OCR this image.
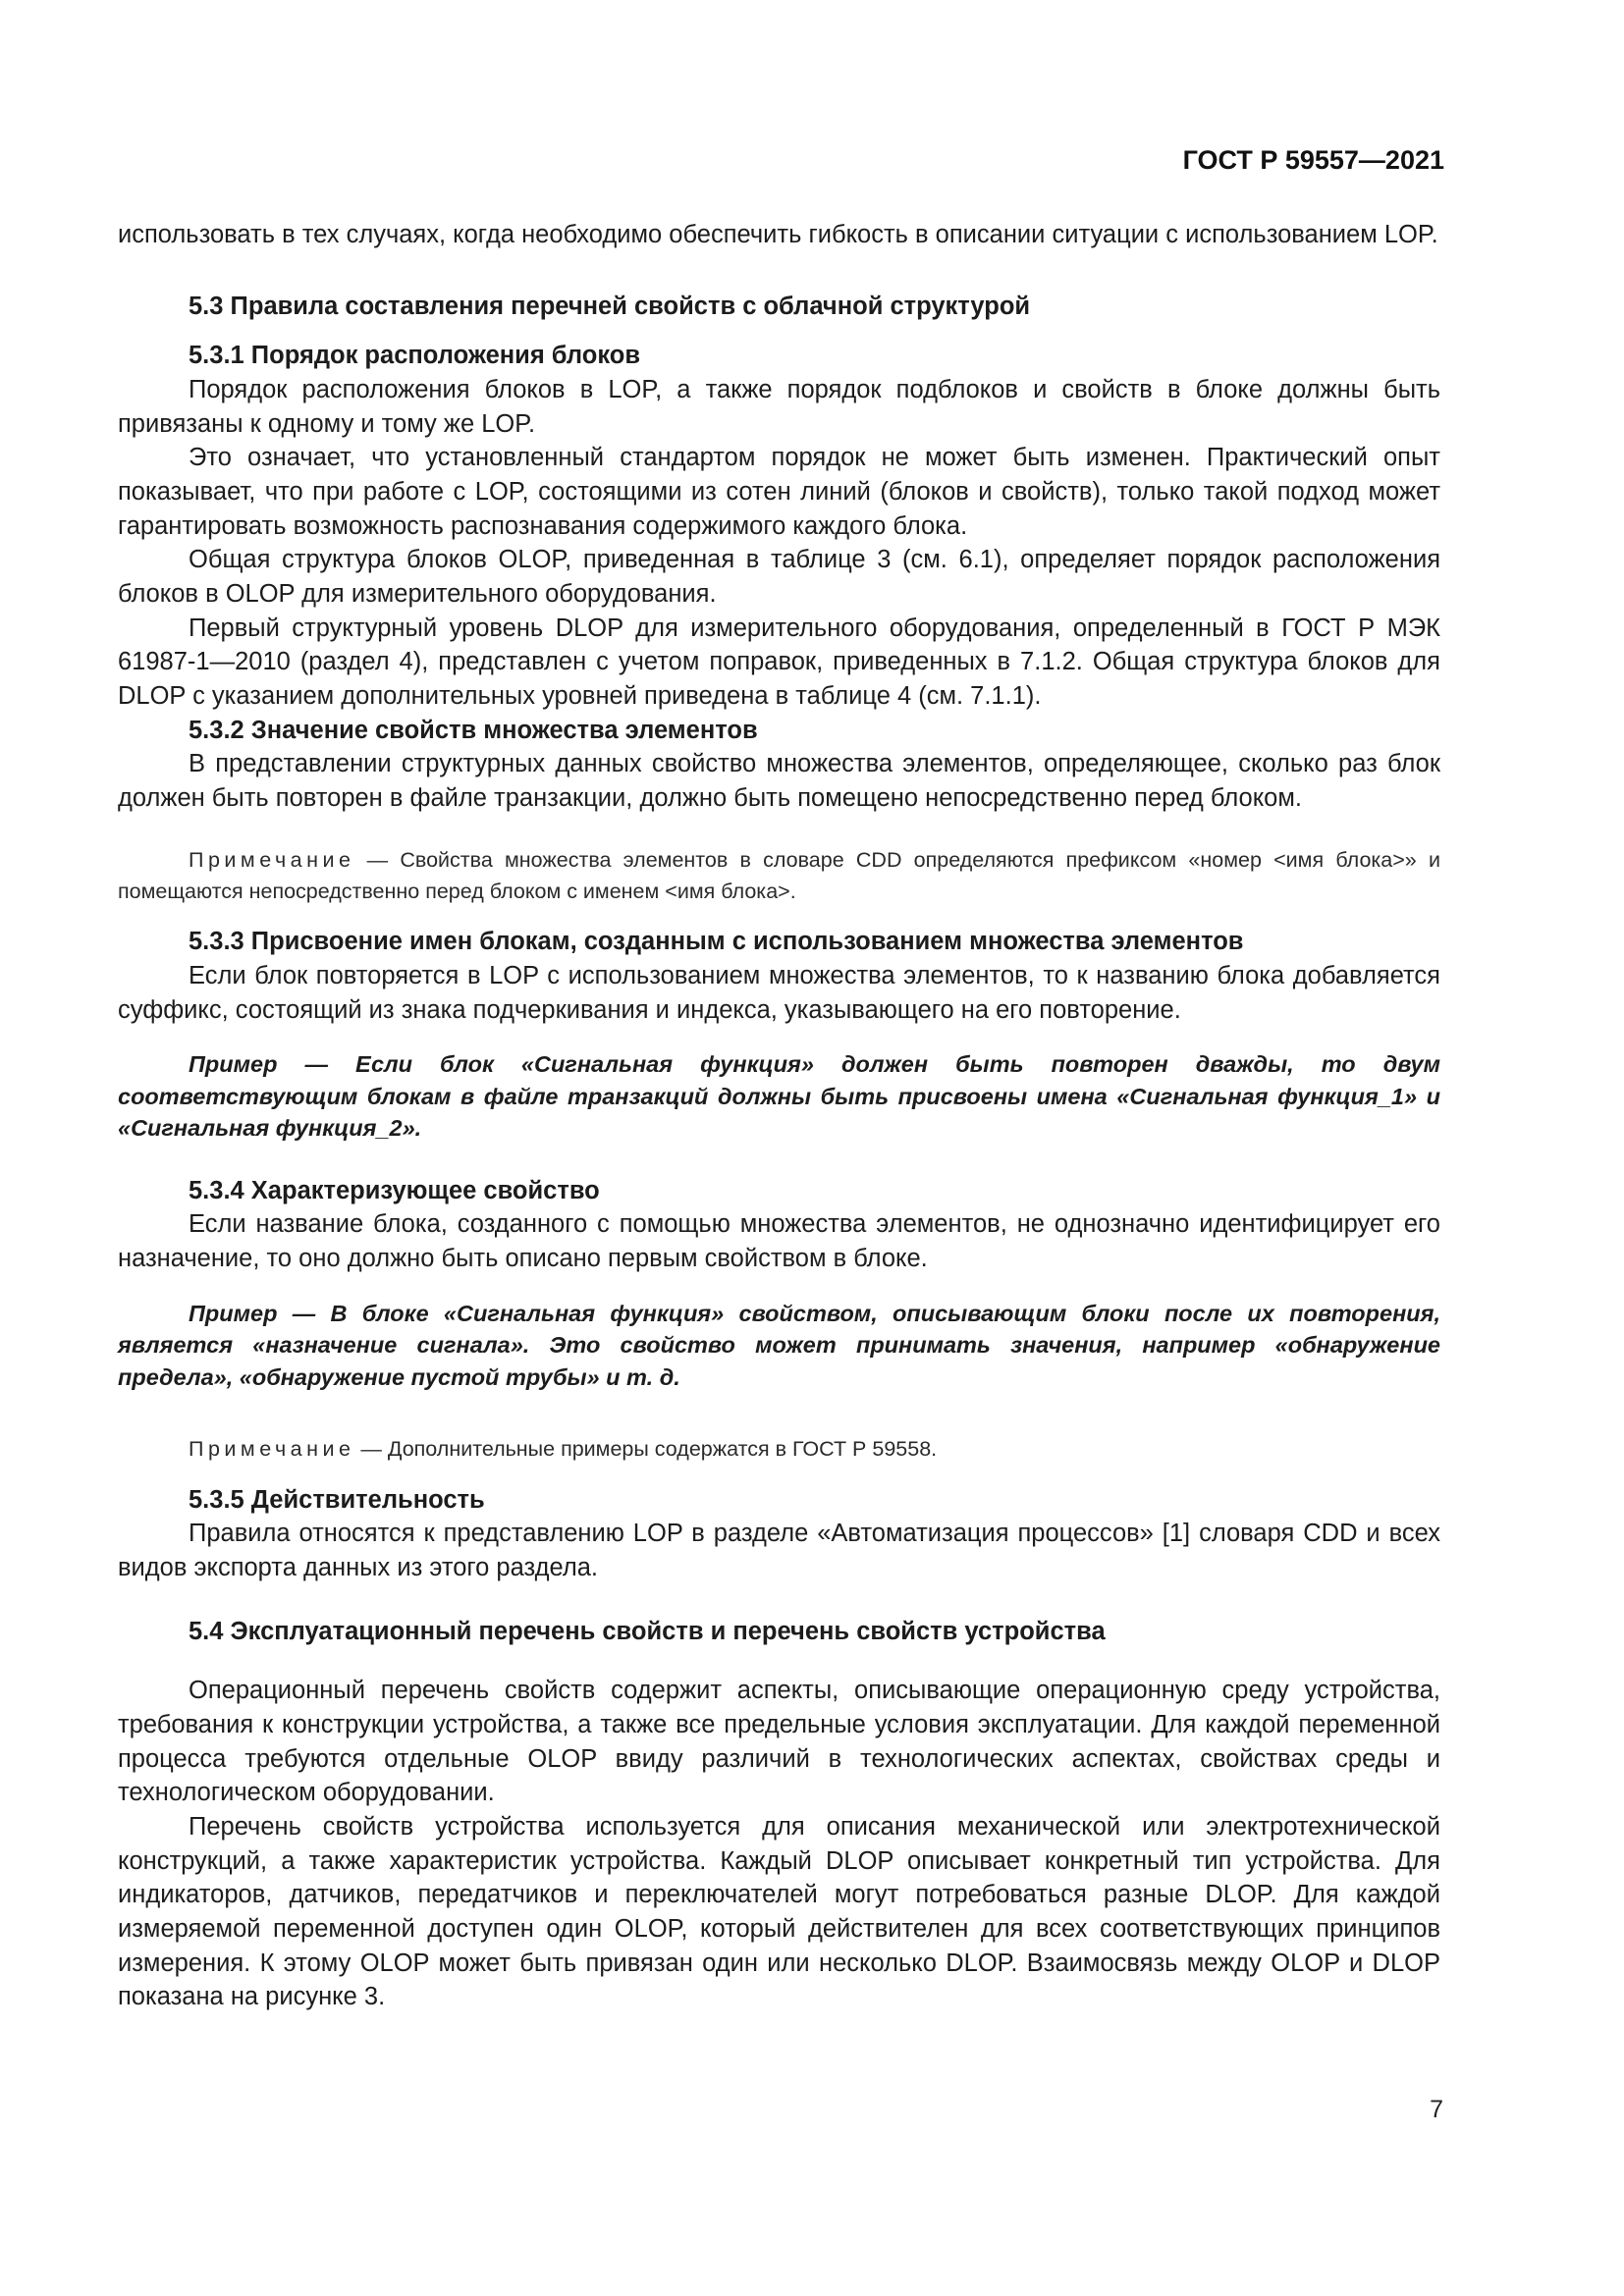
ГОСТ Р 59557—2021

использовать в тех случаях, когда необходимо обеспечить гибкость в описании ситуации с использованием LOP.

5.3 Правила составления перечней свойств с облачной структурой

5.3.1 Порядок расположения блоков

Порядок расположения блоков в LOP, а также порядок подблоков и свойств в блоке должны быть привязаны к одному и тому же LOP.

Это означает, что установленный стандартом порядок не может быть изменен. Практический опыт показывает, что при работе с LOP, состоящими из сотен линий (блоков и свойств), только такой подход может гарантировать возможность распознавания содержимого каждого блока.

Общая структура блоков OLOP, приведенная в таблице 3 (см. 6.1), определяет порядок расположения блоков в OLOP для измерительного оборудования.

Первый структурный уровень DLOP для измерительного оборудования, определенный в ГОСТ Р МЭК 61987-1—2010 (раздел 4), представлен с учетом поправок, приведенных в 7.1.2. Общая структура блоков для DLOP с указанием дополнительных уровней приведена в таблице 4 (см. 7.1.1).

5.3.2 Значение свойств множества элементов

В представлении структурных данных свойство множества элементов, определяющее, сколько раз блок должен быть повторен в файле транзакции, должно быть помещено непосредственно перед блоком.

Примечание — Свойства множества элементов в словаре CDD определяются префиксом «номер <имя блока>» и помещаются непосредственно перед блоком с именем <имя блока>.

5.3.3 Присвоение имен блокам, созданным с использованием множества элементов

Если блок повторяется в LOP с использованием множества элементов, то к названию блока добавляется суффикс, состоящий из знака подчеркивания и индекса, указывающего на его повторение.

Пример — Если блок «Сигнальная функция» должен быть повторен дважды, то двум соответствующим блокам в файле транзакций должны быть присвоены имена «Сигнальная функция_1» и «Сигнальная функция_2».

5.3.4 Характеризующее свойство

Если название блока, созданного с помощью множества элементов, не однозначно идентифицирует его назначение, то оно должно быть описано первым свойством в блоке.

Пример — В блоке «Сигнальная функция» свойством, описывающим блоки после их повторения, является «назначение сигнала». Это свойство может принимать значения, например «обнаружение предела», «обнаружение пустой трубы» и т. д.

Примечание — Дополнительные примеры содержатся в ГОСТ Р 59558.

5.3.5 Действительность

Правила относятся к представлению LOP в разделе «Автоматизация процессов» [1] словаря CDD и всех видов экспорта данных из этого раздела.

5.4 Эксплуатационный перечень свойств и перечень свойств устройства

Операционный перечень свойств содержит аспекты, описывающие операционную среду устройства, требования к конструкции устройства, а также все предельные условия эксплуатации. Для каждой переменной процесса требуются отдельные OLOP ввиду различий в технологических аспектах, свойствах среды и технологическом оборудовании.

Перечень свойств устройства используется для описания механической или электротехнической конструкций, а также характеристик устройства. Каждый DLOP описывает конкретный тип устройства. Для индикаторов, датчиков, передатчиков и переключателей могут потребоваться разные DLOP. Для каждой измеряемой переменной доступен один OLOP, который действителен для всех соответствующих принципов измерения. К этому OLOP может быть привязан один или несколько DLOP. Взаимосвязь между OLOP и DLOP показана на рисунке 3.

7
